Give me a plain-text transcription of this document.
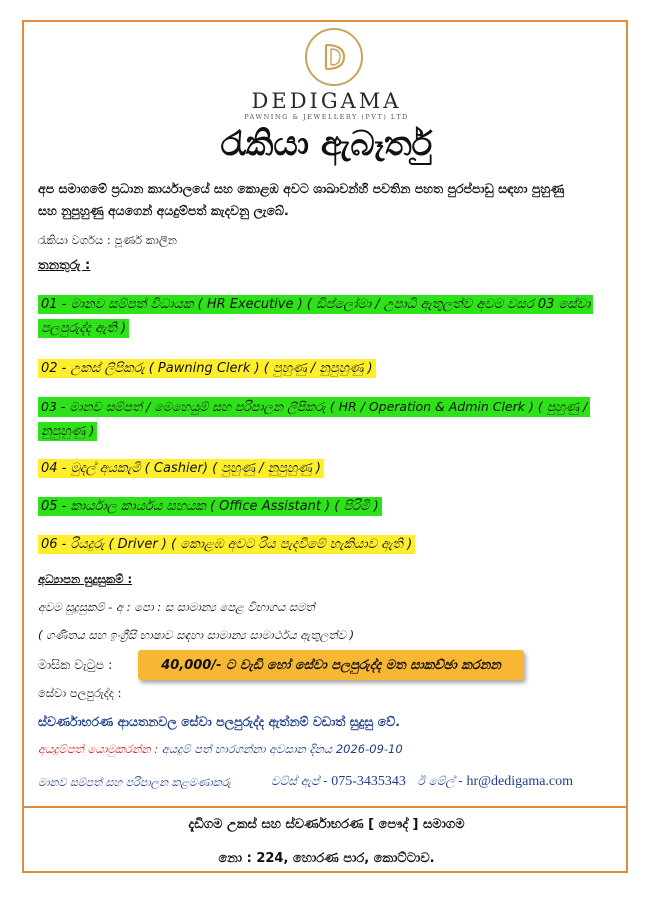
DEDIGAMA
PAWNING & JEWELLERY (PVT) LTD
රැකියා ඇබෑර්තු
අප සමාගමේ ප්‍රධාන කාර්යාලයේ සහ කොළඹ අවට ශාඛාවන්හි පවතින පහත පුරප්පාඩු සඳහා පුහුණු
සහ නුපුහුණු අයගෙන් අයදුම්පත් කැදවනු ලැබේ.
රැකියා වර්ගය : පූර්ණ කාලීන
තනතුරු :
01 - මානව සම්පත් විධායක ( HR Executive ) ( ඩිප්ලෝමා / උපාධි ඇතුලත්ව අවම වසර 03 සේවා
පලපුරුද්ද ඇති )
02 - උකස් ලිපිකරු ( Pawning Clerk ) ( පුහුණු / නුපුහුණු )
03 - මානව සම්පත් / මෙහෙයුම් සහ පරිපාලන ලිපිකරු ( HR / Operation & Admin Clerk ) ( පුහුණු /
නුපුහුණු )
04 - මුදල් අයකැමි ( Cashier) ( පුහුණු / නුපුහුණු )
05 - කාර්යාල කාර්යය සහයක ( Office Assistant ) ( පිරිමි )
06 - රියදුරු ( Driver ) ( කොළඹ අවට රිය පැදවීමේ හැකියාව ඇති )
අධ්‍යාපන සුදුසුකම් :
අවම සුදුසුකම් - අ : පො : ස සාමාන්‍ය පෙළ විභාගය සමත්
( ගණිතය සහ ඉංග්‍රීසි භාෂාව සඳහා සාමාන්‍ය සාමාර්ථය ඇතුලත්ව )
මාසික වැටුප :	40,000/- ට වැඩි හෝ සේවා පලපුරුද්ද මත සාකච්ඡා කරනන
සේවා පලපුරුද්ද :
ස්වර්ණාභරණ ආයතනවල සේවා පලපුරුද්ද ඇත්නම් වඩාත් සුදුසු වේ.
අයදුම්පත් යොමුකරන්න : අයදුම් පත් භාරගන්නා අවසාන දිනය 2026-09-10
මානව සම්පත් සහ පරිපාලන කළමණාකරු	වට්ස් ඇප් - 075-3435343 ඊ මේල් - hr@dedigama.com
දැඩිගම උකස් සහ ස්වර්ණාභරණ [ පෞද් ] සමාගම
නො : 224, හොරණ පාර, කොට්ටාව.
